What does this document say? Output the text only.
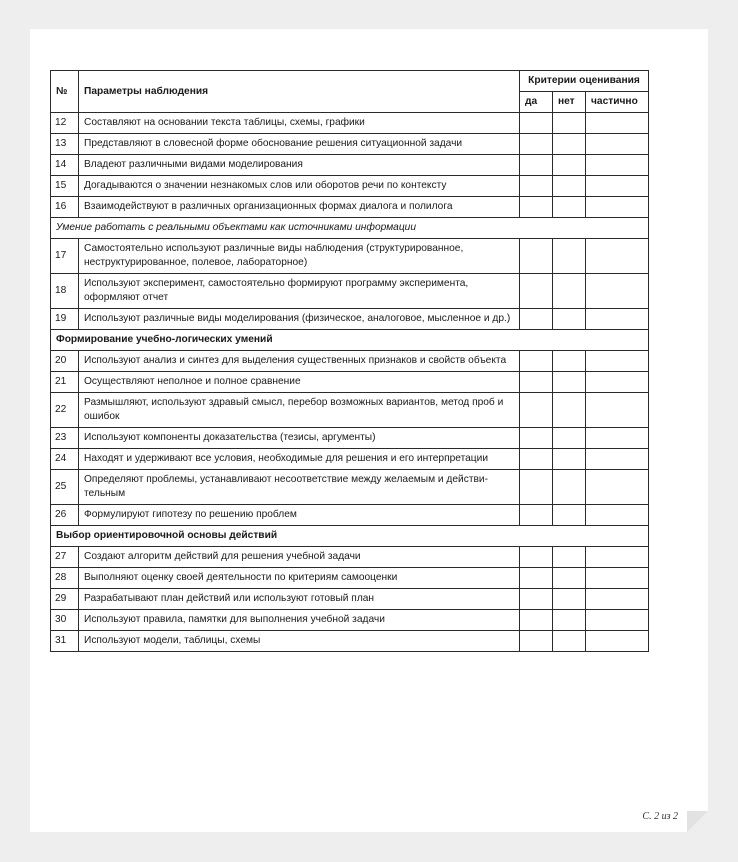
№	Параметры наблюдения	Критерии оценивания		
		да	нет	частично
12	Составляют на основании текста таблицы, схемы, графики			
13	Представляют в словесной форме обоснование решения ситуационной задачи			
14	Владеют различными видами моделирования			
15	Догадываются о значении незнакомых слов или оборотов речи по контексту			
16	Взаимодействуют в различных организационных формах диалога и полилога			
Умение работать с реальными объектами как источниками информации				
17	Самостоятельно используют различные виды наблюдения (структурированное, неструктурированное, полевое, лабораторное)			
18	Используют эксперимент, самостоятельно формируют программу эксперимента, оформляют отчет			
19	Используют различные виды моделирования (физическое, аналоговое, мысленное и др.)			
Формирование учебно-логических умений				
20	Используют анализ и синтез для выделения существенных признаков и свойств объекта			
21	Осуществляют неполное и полное сравнение			
22	Размышляют, используют здравый смысл, перебор возможных вариантов, метод проб и ошибок			
23	Используют компоненты доказательства (тезисы, аргументы)			
24	Находят и удерживают все условия, необходимые для решения и его интерпретации			
25	Определяют проблемы, устанавливают несоответствие между желаемым и действи-тельным			
26	Формулируют гипотезу по решению проблем			
Выбор ориентировочной основы действий				
27	Создают алгоритм действий для решения учебной задачи			
28	Выполняют оценку своей деятельности по критериям самооценки			
29	Разрабатывают план действий или используют готовый план			
30	Используют правила, памятки для выполнения учебной задачи			
31	Используют модели, таблицы, схемы			
С. 2 из 2
